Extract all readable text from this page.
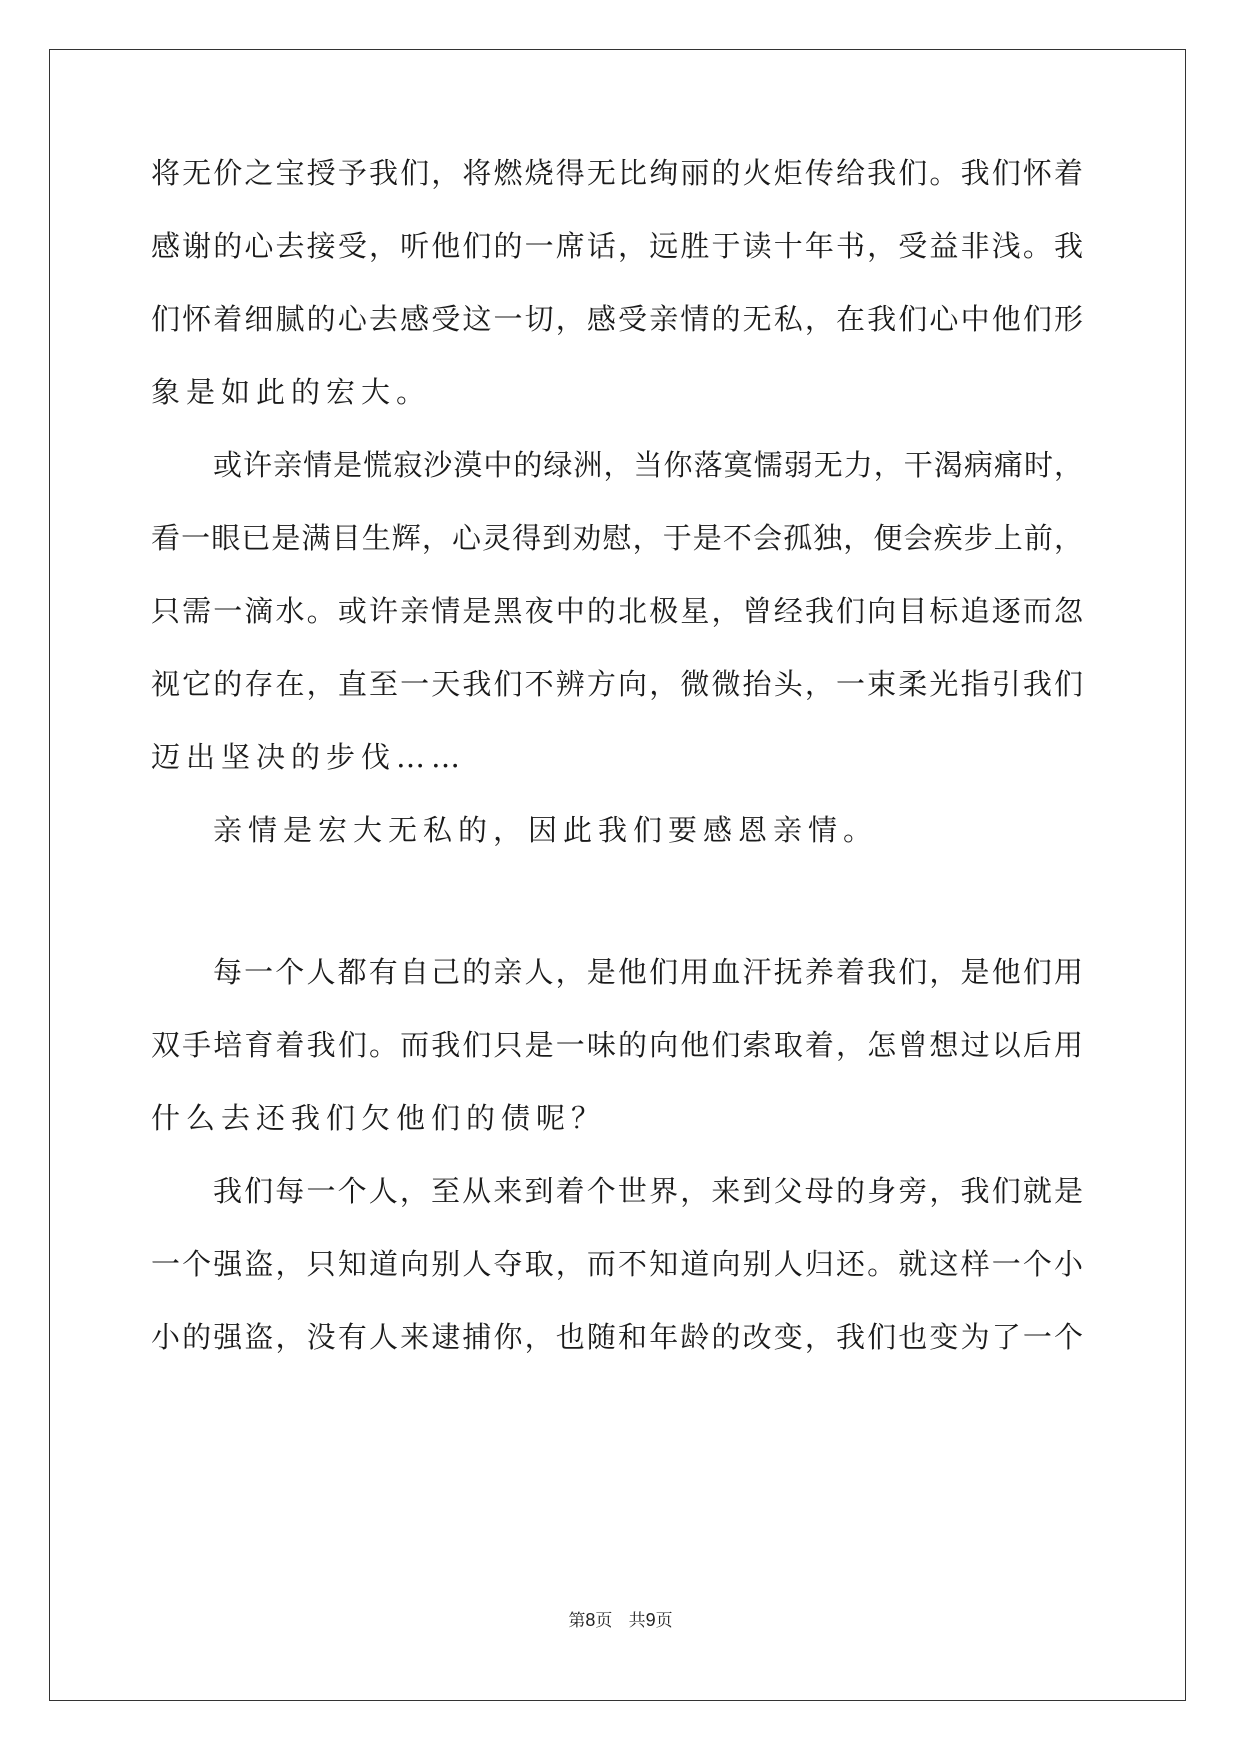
将无价之宝授予我们，将燃烧得无比绚丽的火炬传给我们。我们怀着
感谢的心去接受，听他们的一席话，远胜于读十年书，受益非浅。我
们怀着细腻的心去感受这一切，感受亲情的无私，在我们心中他们形
象是如此的宏大。
或许亲情是慌寂沙漠中的绿洲，当你落寞懦弱无力，干渴病痛时，
看一眼已是满目生辉，心灵得到劝慰，于是不会孤独，便会疾步上前，
只需一滴水。或许亲情是黑夜中的北极星，曾经我们向目标追逐而忽
视它的存在，直至一天我们不辨方向，微微抬头，一束柔光指引我们
迈出坚决的步伐……
亲情是宏大无私的，因此我们要感恩亲情。
每一个人都有自己的亲人，是他们用血汗抚养着我们，是他们用
双手培育着我们。而我们只是一味的向他们索取着，怎曾想过以后用
什么去还我们欠他们的债呢？
我们每一个人，至从来到着个世界，来到父母的身旁，我们就是
一个强盗，只知道向别人夺取，而不知道向别人归还。就这样一个小
小的强盗，没有人来逮捕你，也随和年龄的改变，我们也变为了一个
第8页 共9页
